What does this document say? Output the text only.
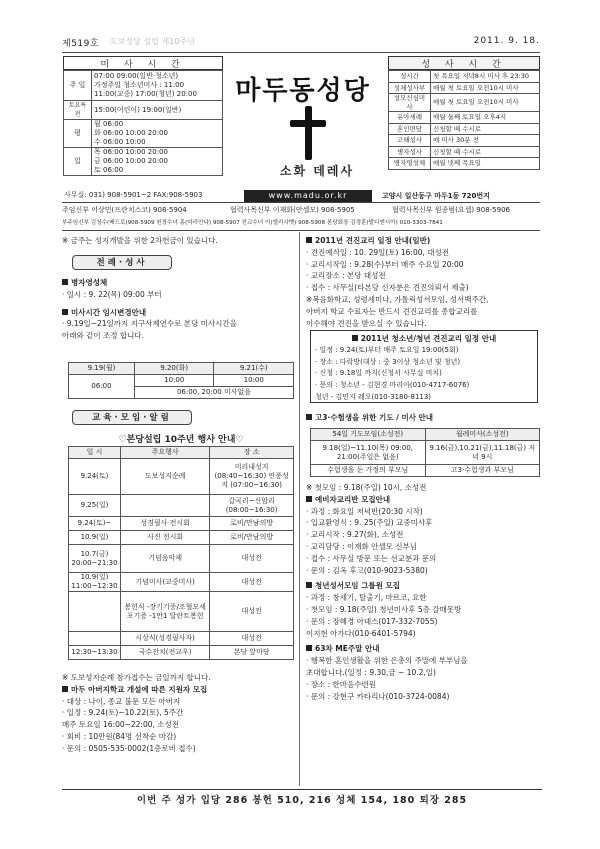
제519호 도보성당 설립 제10주년	2011. 9. 18.
미 사 시 간
주 일	07:00 09:00(일반·청소년)
가정주일 청소년미사 : 11:00
11:00(교중) 17:00(청년) 20:00

토요특전	15:00(어린이) 19:00(일반)
평	월 06:00
화 06:00 10:00 20:00
수 06:00 10:00

일	목 06:00 10:00 20:00
금 06:00 10:00 20:00
토 06:00
마두동성당
소화 데레사
www.madu.or.kr
성 사 시 간
성시간	첫 목요일 저녁8시 미사 후 23:30
성체성사부	매월 첫 토요일 오전10시 미사
성모신심미사	매월 첫 토요일 오전10시 미사
유아세례	매월 둘째 토요일 오후4시
혼인면담	신청할 때 수시로
고해성사	매 미사 30분 전
병자성사	신청할 때 수시로
병자영성체	매월 넷째 목요일
사무실: 031) 908-5901~2 FAX:908-5903	고양시 일산동구 마두1동 720번지
주임신부 이상민(프란치스코) 908-5904	협력사목신부 이재화(안셀모) 908-5905	협력사목신부 원종범(요셉) 908-5906
부주임신부 김청수(베드로)908-5909 원장수녀 홍(마리안나) 908-5907 전교수녀 이(엘리사벳) 908-5908 본당회장 김정훈(발디엔시아) 010-3303-7841
※ 금주는 성지개발을 위한 2차헌금이 있습니다.
전례·성사
병자영성체
· 일시 : 9. 22(목) 09:00 부터
미사시간 임시변경안내
· 9.19일~21일까지 지구사제연수로 본당 미사시간을
아래와 같이 조정 합니다.
9.19(월)	9.20(화)	9.21(수)
06:00	10:00	10:00
	06:00, 20:00 미사없음	
교육·모임·알림
♡본당설립 10주년 행사 안내♡
일 시	주요행사	장 소
9.24(토)	도보성지순례	미리내성지 (08:40~16:30) 연풍성지 (07:00~16:30)
9.25(일)		갈곡리~신암리 (08:00~16:30)
9.24(토)~	성경필사 전시회	로비/만남의방
10.9(일)	사진 전시회	로비/만남의방
10.7(금) 20:00~21:30	기념음악제	대성전
10.9(일) 11:00~12:30	기념미사(교중미사)	대성전
	봉헌식 -장기기증/조혈모세포기증 -1만1 달란트봉헌	대성전
	시상식(성경필사자)	대성전
12:30~13:30	국수잔치(전교우)	본당 앞마당
※ 도보성지순례 참가접수는 금일까지 합니다.
마두 아버지학교 개설에 따른 지원자 모집
· 대상 : 나이, 종교 불문 모든 아버지
· 일정 : 9.24(토)~10.22(토), 5주간
매주 토요일 16:00~22:00, 소성전
· 회비 : 10만원(84명 선착순 마감)
· 문의 : 0505-535-0002(1층로비 접수)
2011년 견진교리 일정 안내(일반)
· 견진예식일 : 10. 29일(토) 16:00, 대성전
· 교리시작일 : 9.28(수)부터 매주 수요일 20:00
· 교리장소 : 본당 대성전
· 접수 : 사무실(타본당 신자분은 견진의뢰서 제출)
※복음화학교, 성령세미나, 가톨릭성서모임, 성서백주간,
아버지 학교 수료자는 반드시 견진교리를 종합교리를
이수해야 견진을 받으실 수 있습니다.
2011년 청소년/청년 견진교리 일정 안내
· 일정 : 9.24(토)부터 매주 토요일 19:00(5회)
· 장소 : 다락방(대상 : 중 3이상 청소년 및 청년)
· 신청 : 9.18일 까지(신청서 사무실 비치)
· 문의 : 청소년 - 김현경 마리아(010-4717-6076)
청년 - 김민지 레오(010-3180-8113)
고3·수험생을 위한 기도 / 미사 안내
54일 기도모임(소성전)	월례미사(소성전)
9.18(일)~11.10(목) 09:00, 21:00(주일은 없음)	9.16(금),10.21(금),11.18(금) 저녁 9시
수험생을 둔 가정의 부모님	고3·수험생과 부모님
※ 첫모임 : 9.18(주일) 10시, 소성전
예비자교리반 모집안내
· 과정 : 화요일 저녁반(20:30 시작)
· 입교환영식 : 9. 25(주일) 교중미사후
· 교리시작 : 9.27(화), 소성전
· 교리담당 : 이재화 안셀모 신부님
· 접수 : 사무실 방문 또는 선교분과 문의
· 문의 : 김옥 후고(010-9023-5380)
청년성서모임 그룹원 모집
· 과정 : 창세기, 탈출기, 마르코, 요한
· 첫모임 : 9.18(주일) 청년미사후 5층 갈매못방
· 문의 : 장혜경 아녜스(017-332-7055)
이지현 아가다(010-6401-5794)
63차 ME주말 안내
· 행복한 혼인생활을 위한 은총의 주말에 부부님을
초대합니다.(일정 : 9.30,금 ~ 10.2,일)
· 장소 : 한마음수련원
· 문의 : 강현구 카타리나(010-3724-0084)
이번 주 성가 입당 286 봉헌 510, 216 성체 154, 180 퇴장 285
